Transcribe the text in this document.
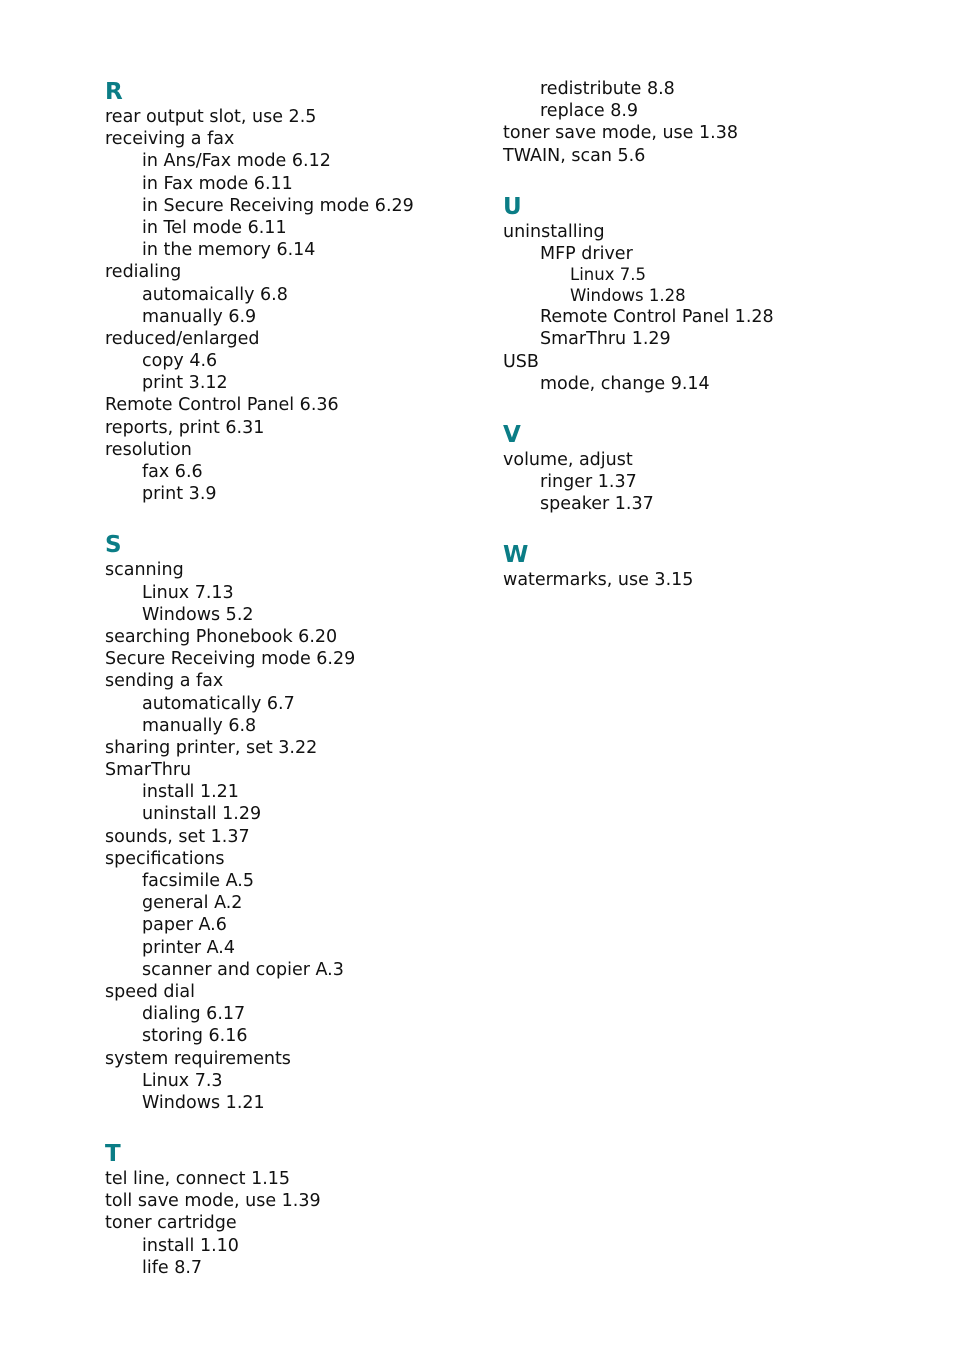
R
rear output slot, use 2.5
receiving a fax
in Ans/Fax mode 6.12
in Fax mode 6.11
in Secure Receiving mode 6.29
in Tel mode 6.11
in the memory 6.14
redialing
automaically 6.8
manually 6.9
reduced/enlarged
copy 4.6
print 3.12
Remote Control Panel 6.36
reports, print 6.31
resolution
fax 6.6
print 3.9
S
scanning
Linux 7.13
Windows 5.2
searching Phonebook 6.20
Secure Receiving mode 6.29
sending a fax
automatically 6.7
manually 6.8
sharing printer, set 3.22
SmarThru
install 1.21
uninstall 1.29
sounds, set 1.37
specifications
facsimile A.5
general A.2
paper A.6
printer A.4
scanner and copier A.3
speed dial
dialing 6.17
storing 6.16
system requirements
Linux 7.3
Windows 1.21
T
tel line, connect 1.15
toll save mode, use 1.39
toner cartridge
install 1.10
life 8.7
redistribute 8.8
replace 8.9
toner save mode, use 1.38
TWAIN, scan 5.6
U
uninstalling
MFP driver
Linux 7.5
Windows 1.28
Remote Control Panel 1.28
SmarThru 1.29
USB
mode, change 9.14
V
volume, adjust
ringer 1.37
speaker 1.37
W
watermarks, use 3.15
